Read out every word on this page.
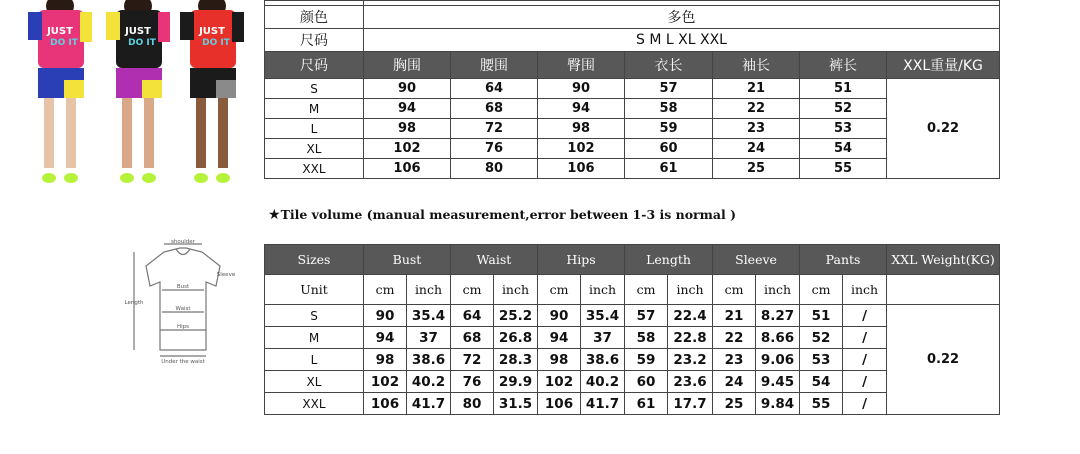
JUST
DO IT
JUST
DO IT
JUST
DO IT

颜色	多色						
尺码	S M L XL XXL						
尺码	胸围	腰围	臀围	衣长	袖长	裤长	XXL重量/KG
S	90	64	90	57	21	51	0.22
M	94	68	94	58	22	52	
L	98	72	98	59	23	53	
XL	102	76	102	60	24	54	
XXL	106	80	106	61	25	55	
★Tile volume (manual measurement,error between 1-3 is normal )
shoulder
Sleeve
Bust
Length
Waist
Hips
Under the waist
Sizes	Bust		Waist		Hips		Length		Sleeve		Pants		XXL Weight(KG)
Unit	cm	inch	cm	inch	cm	inch	cm	inch	cm	inch	cm	inch	
S	90	35.4	64	25.2	90	35.4	57	22.4	21	8.27	51	/	0.22
M	94	37	68	26.8	94	37	58	22.8	22	8.66	52	/	
L	98	38.6	72	28.3	98	38.6	59	23.2	23	9.06	53	/	
XL	102	40.2	76	29.9	102	40.2	60	23.6	24	9.45	54	/	
XXL	106	41.7	80	31.5	106	41.7	61	17.7	25	9.84	55	/	
